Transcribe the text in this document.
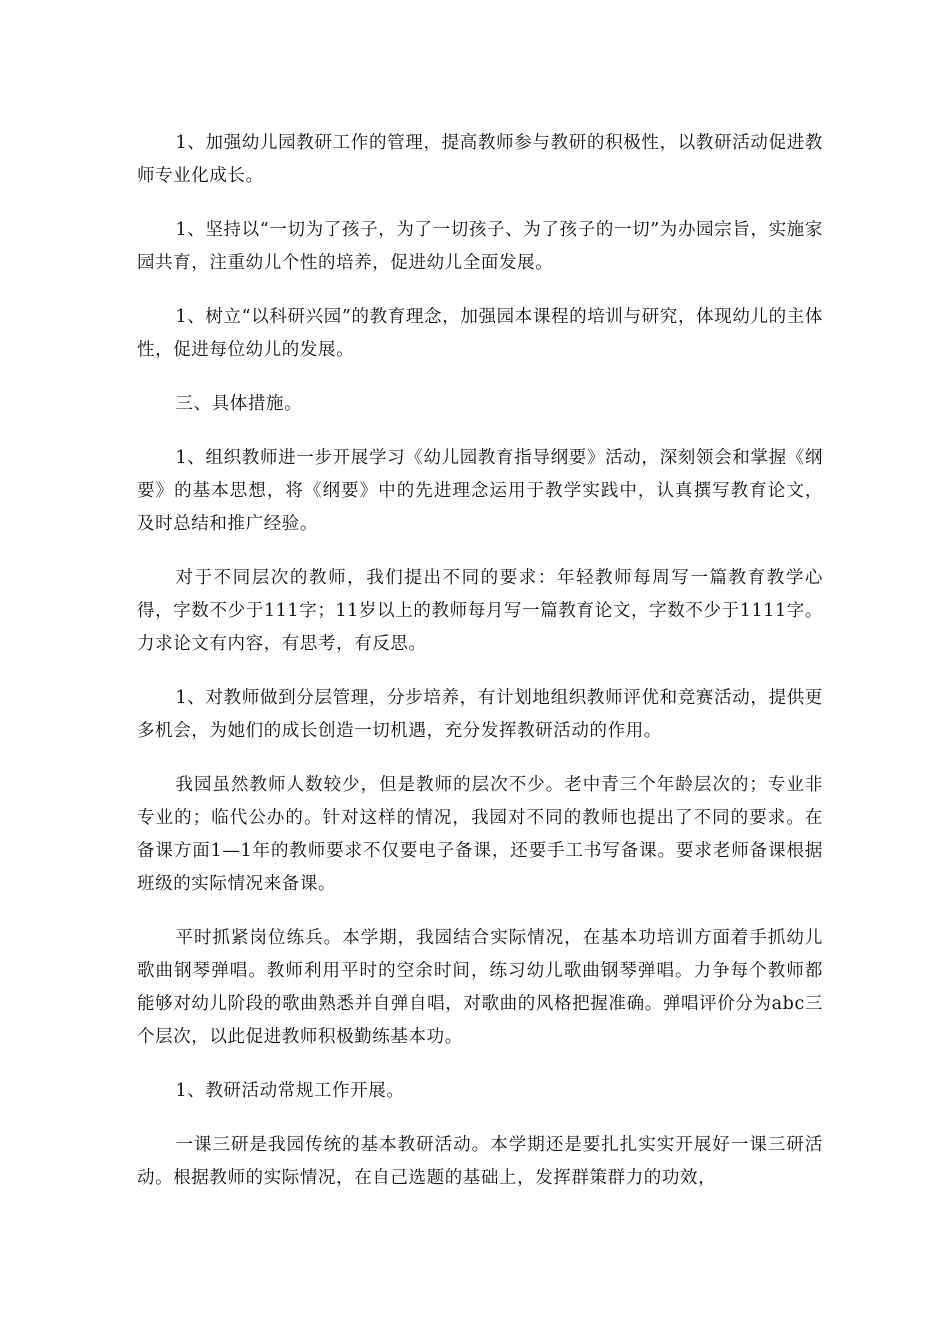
1、加强幼儿园教研工作的管理，提高教师参与教研的积极性，以教研活动促进教师专业化成长。

1、坚持以“一切为了孩子，为了一切孩子、为了孩子的一切”为办园宗旨，实施家园共育，注重幼儿个性的培养，促进幼儿全面发展。

1、树立“以科研兴园”的教育理念，加强园本课程的培训与研究，体现幼儿的主体性，促进每位幼儿的发展。

三、具体措施。

1、组织教师进一步开展学习《幼儿园教育指导纲要》活动，深刻领会和掌握《纲要》的基本思想，将《纲要》中的先进理念运用于教学实践中，认真撰写教育论文，及时总结和推广经验。

对于不同层次的教师，我们提出不同的要求：年轻教师每周写一篇教育教学心得，字数不少于111字；11岁以上的教师每月写一篇教育论文，字数不少于1111字。力求论文有内容，有思考，有反思。

1、对教师做到分层管理，分步培养，有计划地组织教师评优和竞赛活动，提供更多机会，为她们的成长创造一切机遇，充分发挥教研活动的作用。

我园虽然教师人数较少，但是教师的层次不少。老中青三个年龄层次的；专业非专业的；临代公办的。针对这样的情况，我园对不同的教师也提出了不同的要求。在备课方面1—1年的教师要求不仅要电子备课，还要手工书写备课。要求老师备课根据班级的实际情况来备课。

平时抓紧岗位练兵。本学期，我园结合实际情况，在基本功培训方面着手抓幼儿歌曲钢琴弹唱。教师利用平时的空余时间，练习幼儿歌曲钢琴弹唱。力争每个教师都能够对幼儿阶段的歌曲熟悉并自弹自唱，对歌曲的风格把握准确。弹唱评价分为abc三个层次，以此促进教师积极勤练基本功。

1、教研活动常规工作开展。

一课三研是我园传统的基本教研活动。本学期还是要扎扎实实开展好一课三研活动。根据教师的实际情况，在自己选题的基础上，发挥群策群力的功效，
